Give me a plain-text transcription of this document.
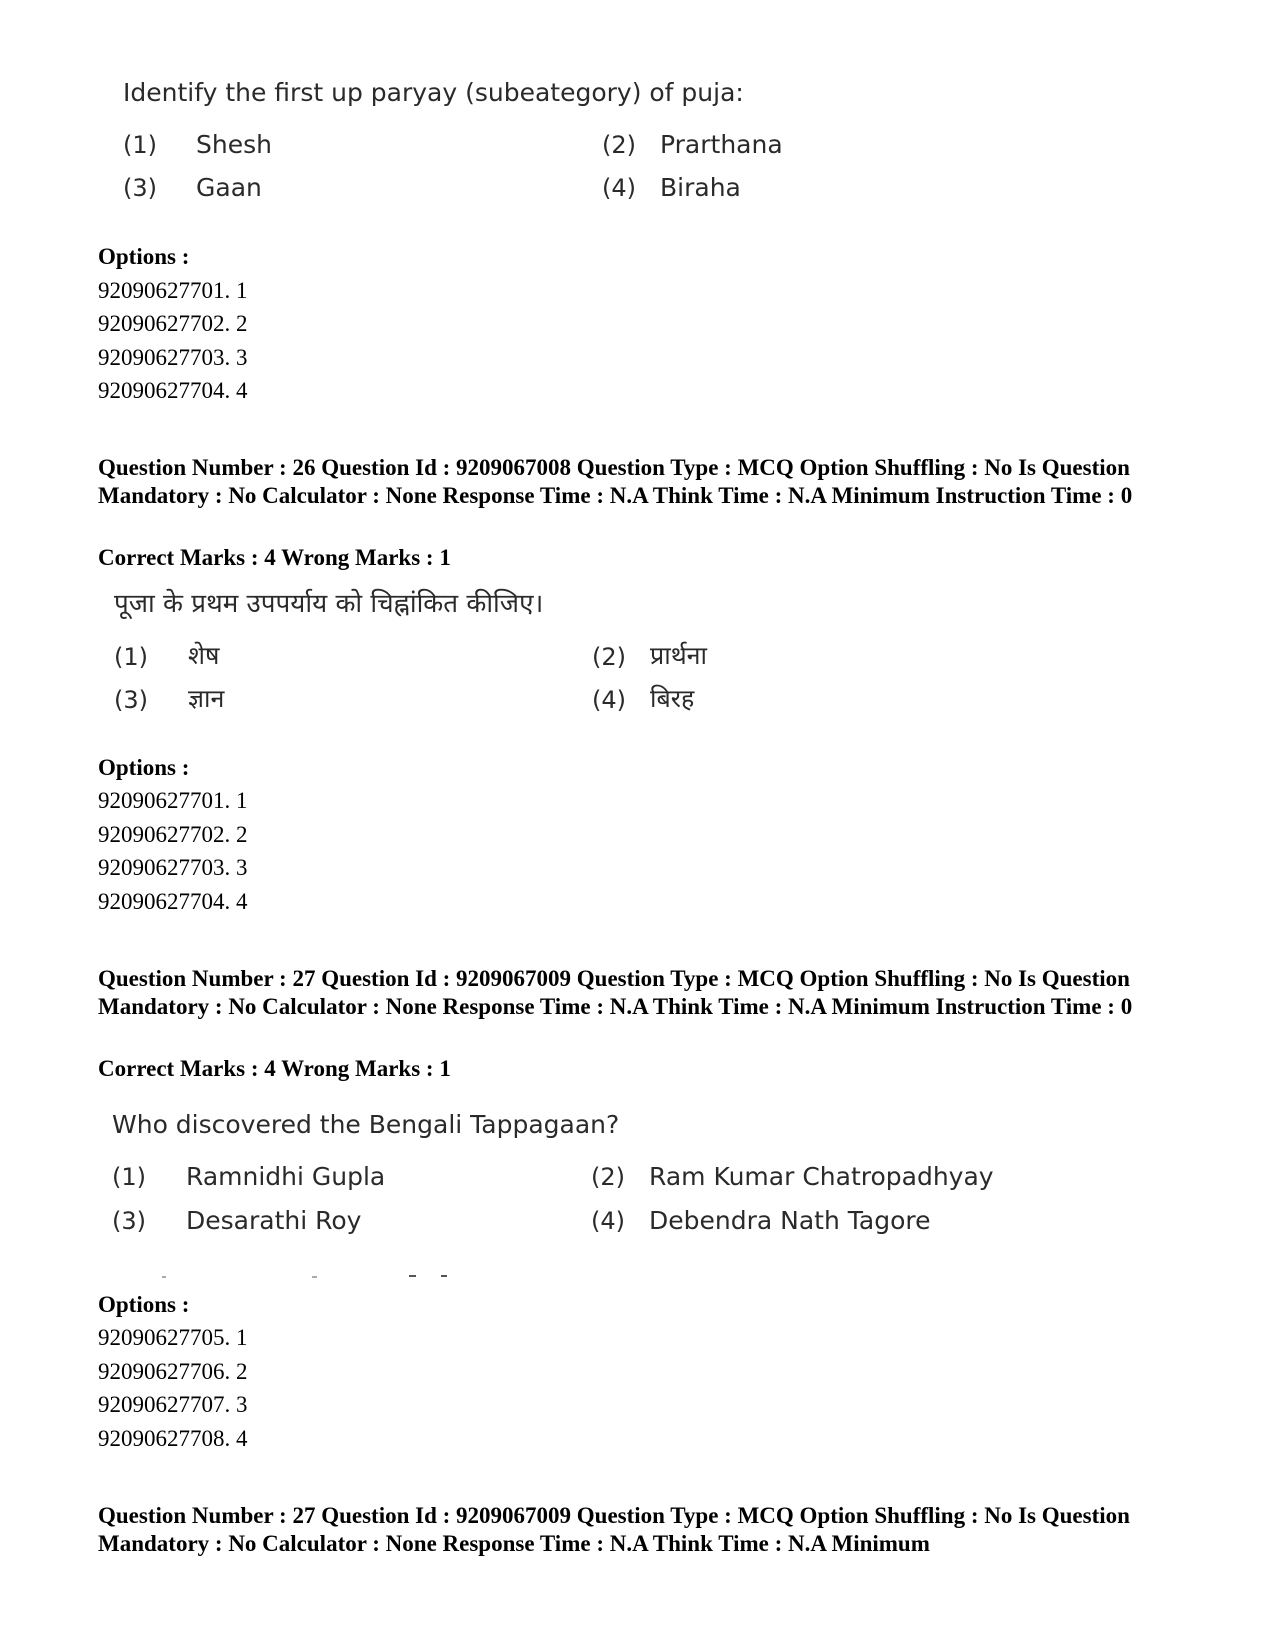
Identify the first up paryay (subeategory) of puja:
(1) Shesh	(2) Prarthana
(3) Gaan	(4) Biraha
Options :
92090627701. 1
92090627702. 2
92090627703. 3
92090627704. 4
Question Number : 26 Question Id : 9209067008 Question Type : MCQ Option Shuffling : No Is Question Mandatory : No Calculator : None Response Time : N.A Think Time : N.A Minimum Instruction Time : 0
Correct Marks : 4 Wrong Marks : 1
पूजा के प्रथम उपपर्याय को चिह्नांकित कीजिए।
(1) शेष	(2) प्रार्थना
(3) ज्ञान	(4) बिरह
Options :
92090627701. 1
92090627702. 2
92090627703. 3
92090627704. 4
Question Number : 27 Question Id : 9209067009 Question Type : MCQ Option Shuffling : No Is Question Mandatory : No Calculator : None Response Time : N.A Think Time : N.A Minimum Instruction Time : 0
Correct Marks : 4 Wrong Marks : 1
Who discovered the Bengali Tappagaan?
(1) Ramnidhi Gupla	(2) Ram Kumar Chatropadhyay
(3) Desarathi Roy	(4) Debendra Nath Tagore
Options :
92090627705. 1
92090627706. 2
92090627707. 3
92090627708. 4
Question Number : 27 Question Id : 9209067009 Question Type : MCQ Option Shuffling : No Is Question Mandatory : No Calculator : None Response Time : N.A Think Time : N.A Minimum
